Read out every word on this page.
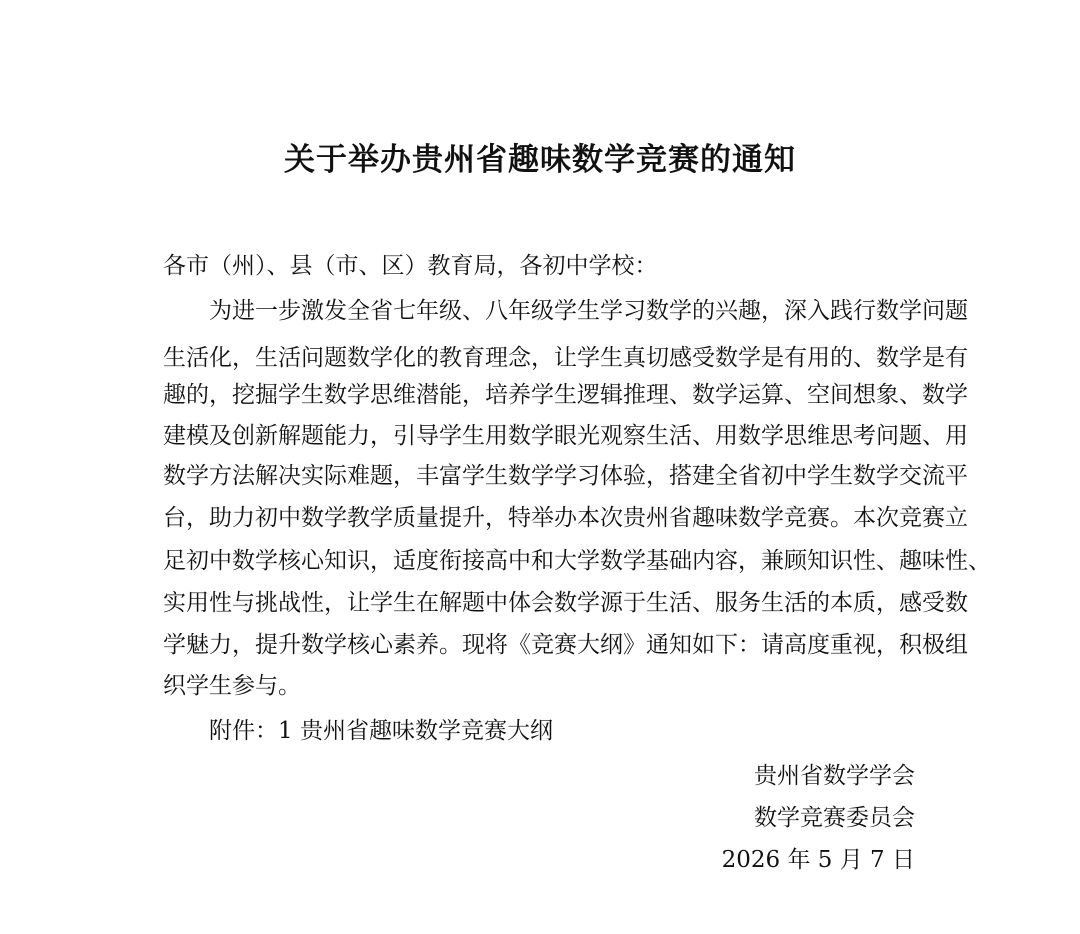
关于举办贵州省趣味数学竞赛的通知
各市（州）、县（市、区）教育局，各初中学校：
为进一步激发全省七年级、八年级学生学习数学的兴趣，深入践行数学问题
生活化，生活问题数学化的教育理念，让学生真切感受数学是有用的、数学是有
趣的，挖掘学生数学思维潜能，培养学生逻辑推理、数学运算、空间想象、数学
建模及创新解题能力，引导学生用数学眼光观察生活、用数学思维思考问题、用
数学方法解决实际难题，丰富学生数学学习体验，搭建全省初中学生数学交流平
台，助力初中数学教学质量提升，特举办本次贵州省趣味数学竞赛。本次竞赛立
足初中数学核心知识，适度衔接高中和大学数学基础内容，兼顾知识性、趣味性、
实用性与挑战性，让学生在解题中体会数学源于生活、服务生活的本质，感受数
学魅力，提升数学核心素养。现将《竞赛大纲》通知如下：请高度重视，积极组
织学生参与。
附件：1 贵州省趣味数学竞赛大纲
贵州省数学学会
数学竞赛委员会
2026 年 5 月 7 日
